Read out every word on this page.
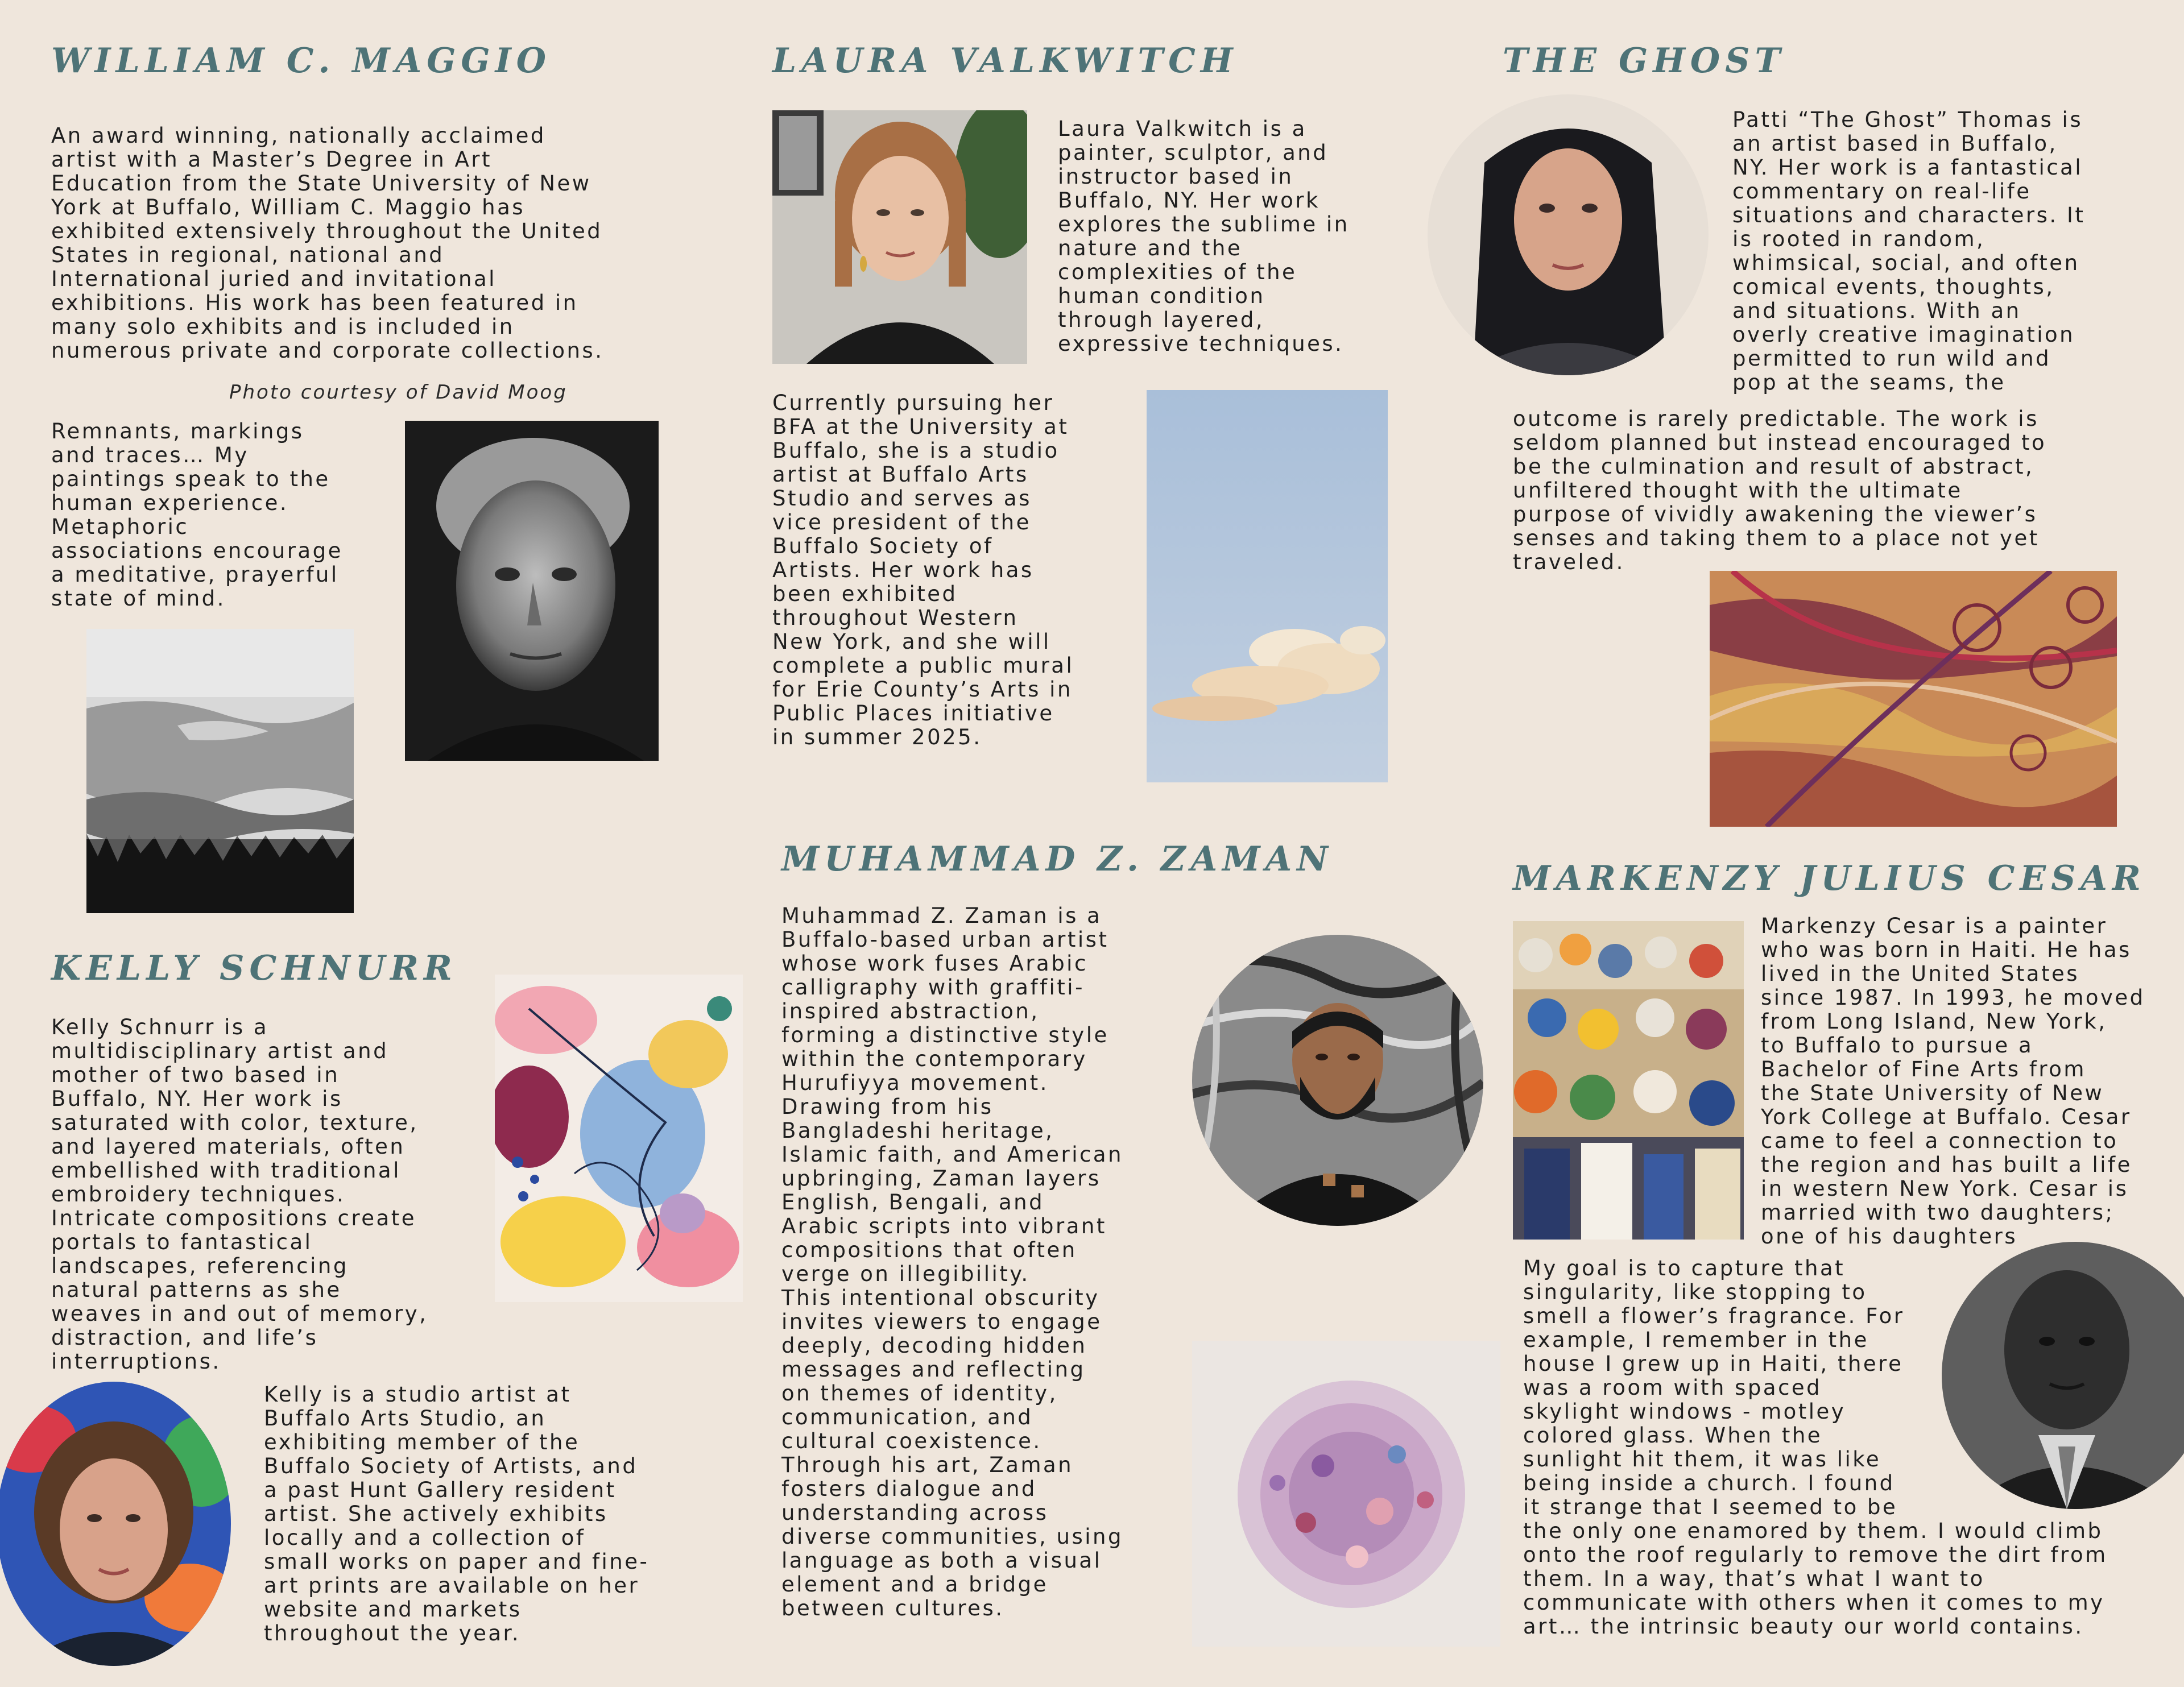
WILLIAM C. MAGGIO

An award winning, nationally acclaimed
artist with a Master’s Degree in Art
Education from the State University of New
York at Buffalo, William C. Maggio has
exhibited extensively throughout the United
States in regional, national and
International juried and invitational
exhibitions. His work has been featured in
many solo exhibits and is included in
numerous private and corporate collections.

Photo courtesy of David Moog

Remnants, markings
and traces… My
paintings speak to the
human experience.
Metaphoric
associations encourage
a meditative, prayerful
state of mind.

LAURA VALKWITCH

Laura Valkwitch is a
painter, sculptor, and
instructor based in
Buffalo, NY. Her work
explores the sublime in
nature and the
complexities of the
human condition
through layered,
expressive techniques.

Currently pursuing her
BFA at the University at
Buffalo, she is a studio
artist at Buffalo Arts
Studio and serves as
vice president of the
Buffalo Society of
Artists. Her work has
been exhibited
throughout Western
New York, and she will
complete a public mural
for Erie County’s Arts in
Public Places initiative
in summer 2025.

THE GHOST

Patti “The Ghost” Thomas is
an artist based in Buffalo,
NY. Her work is a fantastical
commentary on real-life
situations and characters. It
is rooted in random,
whimsical, social, and often
comical events, thoughts,
and situations. With an
overly creative imagination
permitted to run wild and
pop at the seams, the

outcome is rarely predictable. The work is
seldom planned but instead encouraged to
be the culmination and result of abstract,
unfiltered thought with the ultimate
purpose of vividly awakening the viewer’s
senses and taking them to a place not yet
traveled.

KELLY SCHNURR

Kelly Schnurr is a
multidisciplinary artist and
mother of two based in
Buffalo, NY. Her work is
saturated with color, texture,
and layered materials, often
embellished with traditional
embroidery techniques.
Intricate compositions create
portals to fantastical
landscapes, referencing
natural patterns as she
weaves in and out of memory,
distraction, and life’s
interruptions.

Kelly is a studio artist at
Buffalo Arts Studio, an
exhibiting member of the
Buffalo Society of Artists, and
a past Hunt Gallery resident
artist. She actively exhibits
locally and a collection of
small works on paper and fine-
art prints are available on her
website and markets
throughout the year.

MUHAMMAD Z. ZAMAN

Muhammad Z. Zaman is a
Buffalo-based urban artist
whose work fuses Arabic
calligraphy with graffiti-
inspired abstraction,
forming a distinctive style
within the contemporary
Hurufiyya movement.
Drawing from his
Bangladeshi heritage,
Islamic faith, and American
upbringing, Zaman layers
English, Bengali, and
Arabic scripts into vibrant
compositions that often
verge on illegibility.
This intentional obscurity
invites viewers to engage
deeply, decoding hidden
messages and reflecting
on themes of identity,
communication, and
cultural coexistence.
Through his art, Zaman
fosters dialogue and
understanding across
diverse communities, using
language as both a visual
element and a bridge
between cultures.

MARKENZY JULIUS CESAR

Markenzy Cesar is a painter
who was born in Haiti. He has
lived in the United States
since 1987. In 1993, he moved
from Long Island, New York,
to Buffalo to pursue a
Bachelor of Fine Arts from
the State University of New
York College at Buffalo. Cesar
came to feel a connection to
the region and has built a life
in western New York. Cesar is
married with two daughters;
one of his daughters

My goal is to capture that
singularity, like stopping to
smell a flower’s fragrance. For
example, I remember in the
house I grew up in Haiti, there
was a room with spaced
skylight windows - motley
colored glass. When the
sunlight hit them, it was like
being inside a church. I found
it strange that I seemed to be

the only one enamored by them. I would climb
onto the roof regularly to remove the dirt from
them. In a way, that’s what I want to
communicate with others when it comes to my
art… the intrinsic beauty our world contains.
